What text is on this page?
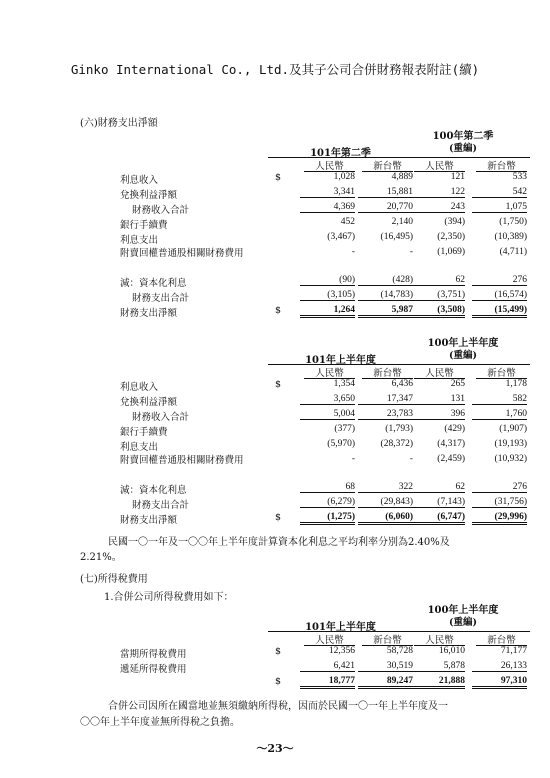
Ginko International Co., Ltd.及其子公司合併財務報表附註(續)
(六)財務支出淨額
100年第二季
(重編)
101年第二季
人民幣	新台幣	人民幣	新台幣
利息收入	$	1,028	4,889	121	533
兌換利益淨額	3,341	15,881	122	542
財務收入合計	4,369	20,770	243	1,075
銀行手續費	452	2,140	(394)	(1,750)
利息支出	(3,467)	(16,495)	(2,350)	(10,389)
附賣回權普通股相關財務費用	-	-	(1,069)	(4,711)
減：資本化利息	(90)	(428)	62	276
財務支出合計	(3,105)	(14,783)	(3,751)	(16,574)
財務支出淨額	$	1,264	5,987	(3,508)	(15,499)
100年上半年度
(重編)
101年上半年度
人民幣	新台幣	人民幣	新台幣
利息收入	$	1,354	6,436	265	1,178
兌換利益淨額	3,650	17,347	131	582
財務收入合計	5,004	23,783	396	1,760
銀行手續費	(377)	(1,793)	(429)	(1,907)
利息支出	(5,970)	(28,372)	(4,317)	(19,193)
附賣回權普通股相關財務費用	-	-	(2,459)	(10,932)
減：資本化利息	68	322	62	276
財務支出合計	(6,279)	(29,843)	(7,143)	(31,756)
財務支出淨額	$	(1,275)	(6,060)	(6,747)	(29,996)
民國一〇一年及一〇〇年上半年度計算資本化利息之平均利率分別為2.40%及
2.21%。
(七)所得稅費用
1.合併公司所得稅費用如下：
100年上半年度
(重編)
101年上半年度
人民幣	新台幣	人民幣	新台幣
當期所得稅費用	$	12,356	58,728	16,010	71,177
遞延所得稅費用	6,421	30,519	5,878	26,133
$	18,777	89,247	21,888	97,310
合併公司因所在國當地並無須繳納所得稅，因而於民國一〇一年上半年度及一
〇〇年上半年度並無所得稅之負擔。
～23～
